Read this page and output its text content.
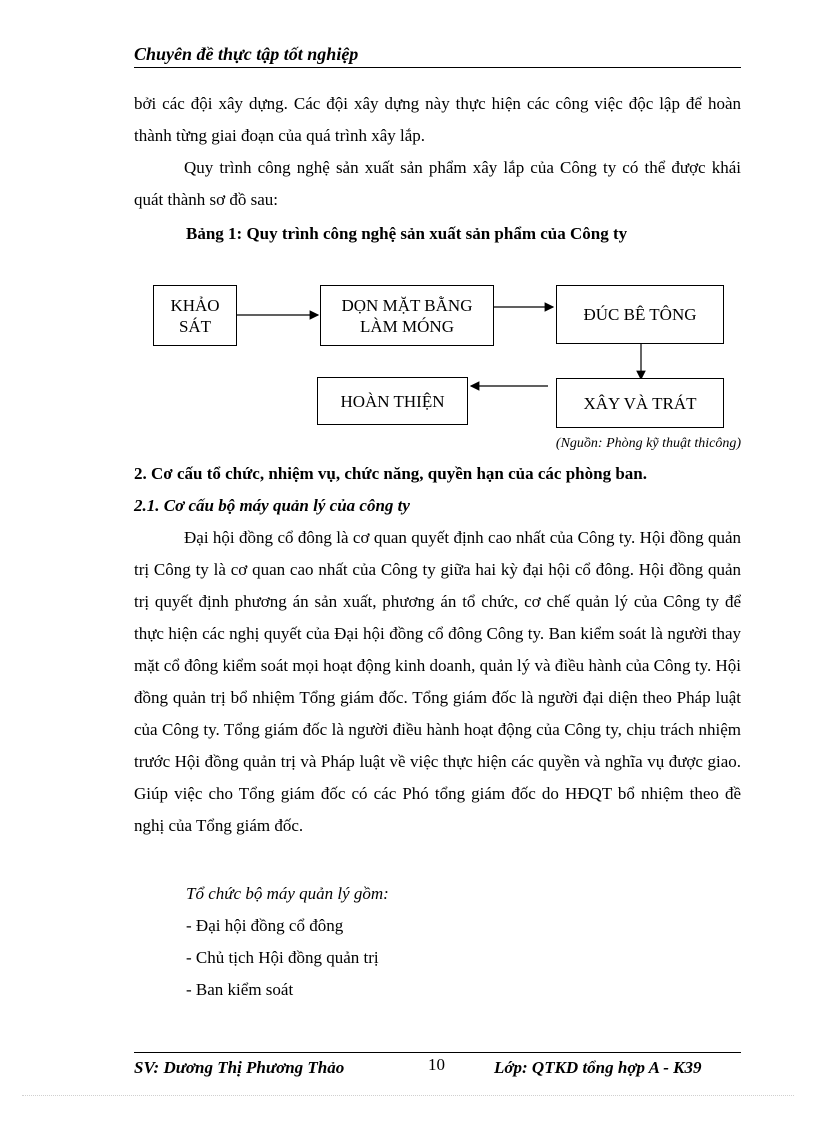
Chuyên đề thực tập tốt nghiệp

bởi các đội xây dựng. Các đội xây dựng này thực hiện các công việc độc lập để hoàn thành từng giai đoạn của quá trình xây lắp.

Quy trình công nghệ sản xuất sản phẩm xây lắp của Công ty có thể được khái quát thành sơ đồ sau:

Bảng 1: Quy trình công nghệ sản xuất sản phẩm của Công ty
KHẢO SÁT
DỌN MẶT BẰNG LÀM MÓNG
ĐÚC BÊ TÔNG
XÂY VÀ TRÁT
HOÀN THIỆN
(Nguồn: Phòng kỹ thuật thicông)
2. Cơ cấu tổ chức, nhiệm vụ, chức năng, quyền hạn của các phòng ban.
2.1. Cơ cấu bộ máy quản lý của công ty

Đại hội đồng cổ đông là cơ quan quyết định cao nhất của Công ty. Hội đồng quản trị Công ty là cơ quan cao nhất của Công ty giữa hai kỳ đại hội cổ đông. Hội đồng quản trị quyết định phương án sản xuất, phương án tổ chức, cơ chế quản lý của Công ty để thực hiện các nghị quyết của Đại hội đồng cổ đông Công ty. Ban kiểm soát là người thay mặt cổ đông kiểm soát mọi hoạt động kinh doanh, quản lý và điều hành của Công ty. Hội đồng quản trị bổ nhiệm Tổng giám đốc. Tổng giám đốc là người đại diện theo Pháp luật của Công ty. Tổng giám đốc là người điều hành hoạt động của Công ty, chịu trách nhiệm trước Hội đồng quản trị và Pháp luật về việc thực hiện các quyền và nghĩa vụ được giao. Giúp việc cho Tổng giám đốc có các Phó tổng giám đốc do HĐQT bổ nhiệm theo đề nghị của Tổng giám đốc.

Tổ chức bộ máy quản lý gồm:
- Đại hội đồng cổ đông
- Chủ tịch Hội đồng quản trị
- Ban kiểm soát
SV: Dương Thị Phương Thảo	10	Lớp: QTKD tổng hợp A - K39
